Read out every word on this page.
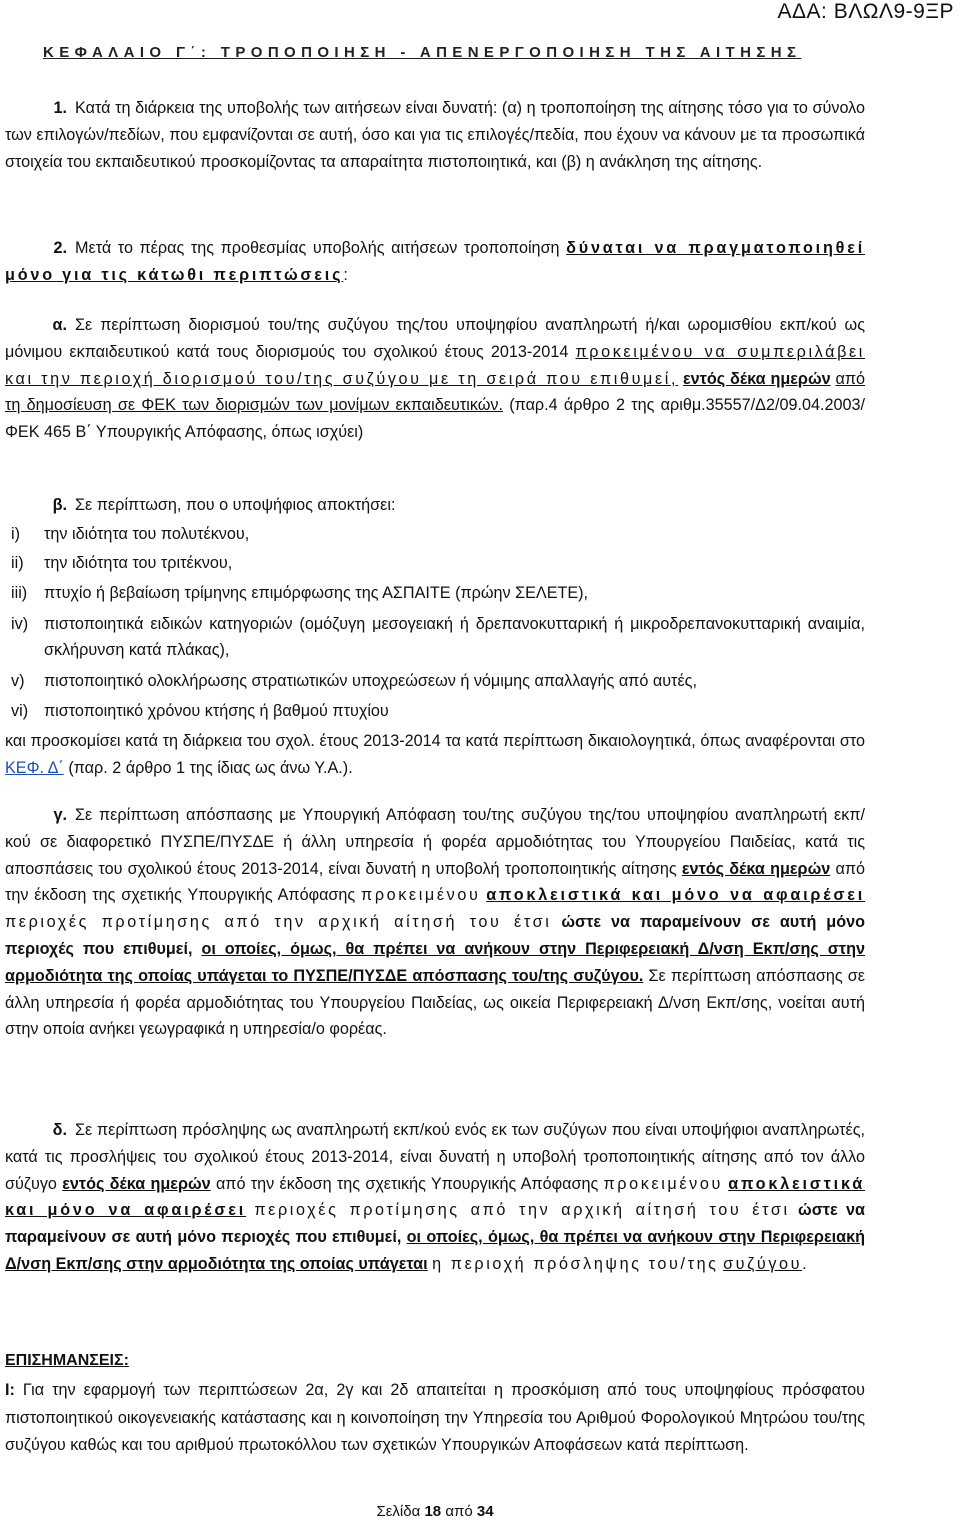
ΑΔΑ: ΒΛΩΛ9-9ΞΡ
ΚΕΦΑΛΑΙΟ Γ΄: ΤΡΟΠΟΠΟΙΗΣΗ - ΑΠΕΝΕΡΓΟΠΟΙΗΣΗ ΤΗΣ ΑΙΤΗΣΗΣ
1. Κατά τη διάρκεια της υποβολής των αιτήσεων είναι δυνατή: (α) η τροποποίηση της αίτησης τόσο για το σύνολο των επιλογών/πεδίων, που εμφανίζονται σε αυτή, όσο και για τις επιλογές/πεδία, που έχουν να κάνουν με τα προσωπικά στοιχεία του εκπαιδευτικού προσκομίζοντας τα απαραίτητα πιστοποιητικά, και (β) η ανάκληση της αίτησης.
2. Μετά το πέρας της προθεσμίας υποβολής αιτήσεων τροποποίηση δύναται να πραγματοποιηθεί μόνο για τις κάτωθι περιπτώσεις:
α. Σε περίπτωση διορισμού του/της συζύγου της/του υποψηφίου αναπληρωτή ή/και ωρομισθίου εκπ/κού ως μόνιμου εκπαιδευτικού κατά τους διορισμούς του σχολικού έτους 2013-2014 προκειμένου να συμπεριλάβει και την περιοχή διορισμού του/της συζύγου με τη σειρά που επιθυμεί, εντός δέκα ημερών από τη δημοσίευση σε ΦΕΚ των διορισμών των μονίμων εκπαιδευτικών. (παρ.4 άρθρο 2 της αριθμ.35557/Δ2/09.04.2003/ΦΕΚ 465 Β΄ Υπουργικής Απόφασης, όπως ισχύει)
β. Σε περίπτωση, που ο υποψήφιος αποκτήσει:
i)	την ιδιότητα του πολυτέκνου,
ii)	την ιδιότητα του τριτέκνου,
iii)	πτυχίο ή βεβαίωση τρίμηνης επιμόρφωσης της ΑΣΠΑΙΤΕ (πρώην ΣΕΛΕΤΕ),
iv) πιστοποιητικά ειδικών κατηγοριών (ομόζυγη μεσογειακή ή δρεπανοκυτταρική ή μικροδρεπανοκυτταρική αναιμία, σκλήρυνση κατά πλάκας),
v)	πιστοποιητικό ολοκλήρωσης στρατιωτικών υποχρεώσεων ή νόμιμης απαλλαγής από αυτές,
vi) πιστοποιητικό χρόνου κτήσης ή βαθμού πτυχίου
και προσκομίσει κατά τη διάρκεια του σχολ. έτους 2013-2014 τα κατά περίπτωση δικαιολογητικά, όπως αναφέρονται στο ΚΕΦ. Δ΄ (παρ. 2 άρθρο 1 της ίδιας ως άνω Υ.Α.).
γ. Σε περίπτωση απόσπασης με Υπουργική Απόφαση του/της συζύγου της/του υποψηφίου αναπληρωτή εκπ/κού σε διαφορετικό ΠΥΣΠΕ/ΠΥΣΔΕ ή άλλη υπηρεσία ή φορέα αρμοδιότητας του Υπουργείου Παιδείας, κατά τις αποσπάσεις του σχολικού έτους 2013-2014, είναι δυνατή η υποβολή τροποποιητικής αίτησης εντός δέκα ημερών από την έκδοση της σχετικής Υπουργικής Απόφασης προκειμένου αποκλειστικά και μόνο να αφαιρέσει περιοχές προτίμησης από την αρχική αίτησή του έτσι ώστε να παραμείνουν σε αυτή μόνο περιοχές που επιθυμεί, οι οποίες, όμως, θα πρέπει να ανήκουν στην Περιφερειακή Δ/νση Εκπ/σης στην αρμοδιότητα της οποίας υπάγεται το ΠΥΣΠΕ/ΠΥΣΔΕ απόσπασης του/της συζύγου. Σε περίπτωση απόσπασης σε άλλη υπηρεσία ή φορέα αρμοδιότητας του Υπουργείου Παιδείας, ως οικεία Περιφερειακή Δ/νση Εκπ/σης, νοείται αυτή στην οποία ανήκει γεωγραφικά η υπηρεσία/ο φορέας.
δ. Σε περίπτωση πρόσληψης ως αναπληρωτή εκπ/κού ενός εκ των συζύγων που είναι υποψήφιοι αναπληρωτές, κατά τις προσλήψεις του σχολικού έτους 2013-2014, είναι δυνατή η υποβολή τροποποιητικής αίτησης από τον άλλο σύζυγο εντός δέκα ημερών από την έκδοση της σχετικής Υπουργικής Απόφασης προκειμένου αποκλειστικά και μόνο να αφαιρέσει περιοχές προτίμησης από την αρχική αίτησή του έτσι ώστε να παραμείνουν σε αυτή μόνο περιοχές που επιθυμεί, οι οποίες, όμως, θα πρέπει να ανήκουν στην Περιφερειακή Δ/νση Εκπ/σης στην αρμοδιότητα της οποίας υπάγεται η περιοχή πρόσληψης του/της συζύγου.
ΕΠΙΣΗΜΑΝΣΕΙΣ:
Ι: Για την εφαρμογή των περιπτώσεων 2α, 2γ και 2δ απαιτείται η προσκόμιση από τους υποψηφίους πρόσφατου πιστοποιητικού οικογενειακής κατάστασης και η κοινοποίηση την Υπηρεσία του Αριθμού Φορολογικού Μητρώου του/της συζύγου καθώς και του αριθμού πρωτοκόλλου των σχετικών Υπουργικών Αποφάσεων κατά περίπτωση.
Σελίδα 18 από 34
